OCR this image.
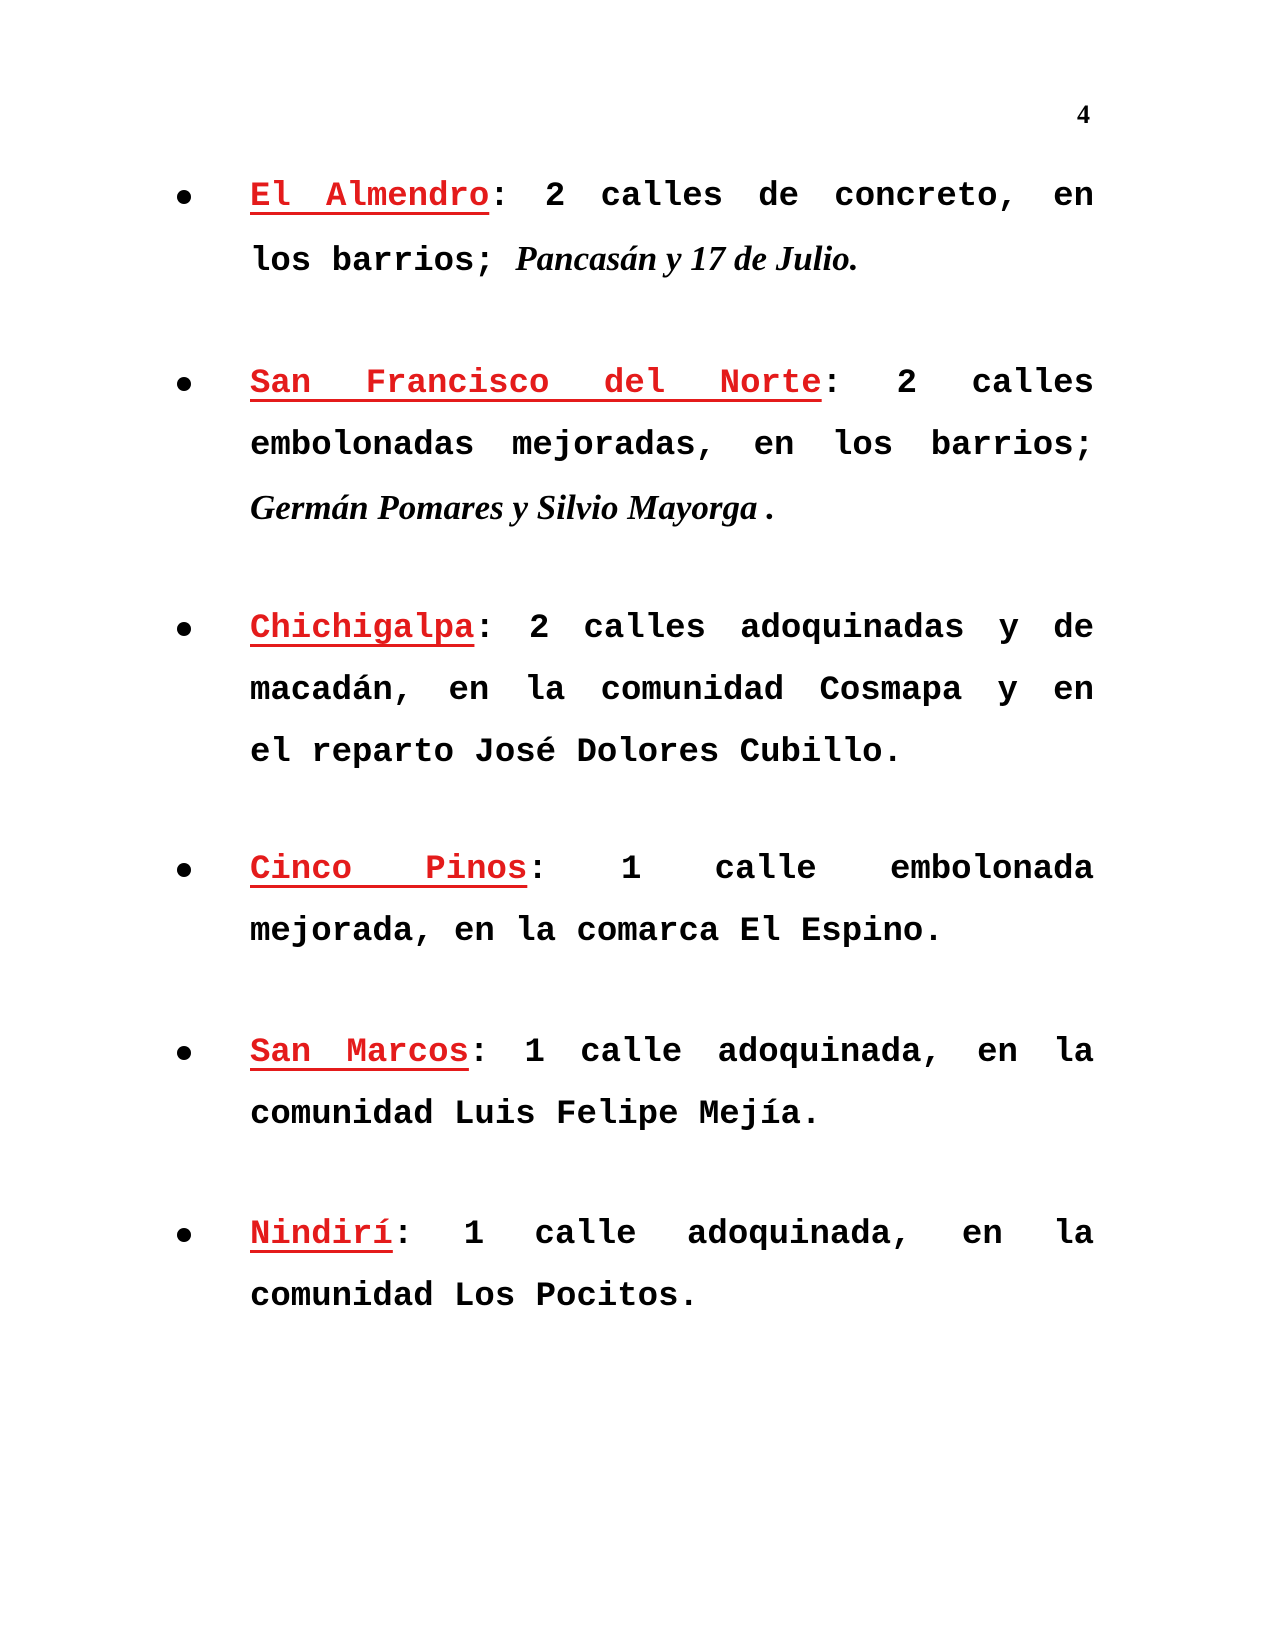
4
El Almendro: 2 calles de concreto, en
los barrios; Pancasán y 17 de Julio.
San Francisco del Norte: 2 calles
embolonadas mejoradas, en los barrios;
Germán Pomares y Silvio Mayorga .
Chichigalpa: 2 calles adoquinadas y de
macadán, en la comunidad Cosmapa y en
el reparto José Dolores Cubillo.
Cinco Pinos: 1 calle embolonada
mejorada, en la comarca El Espino.
San Marcos: 1 calle adoquinada, en la
comunidad Luis Felipe Mejía.
Nindirí: 1 calle adoquinada, en la
comunidad Los Pocitos.
